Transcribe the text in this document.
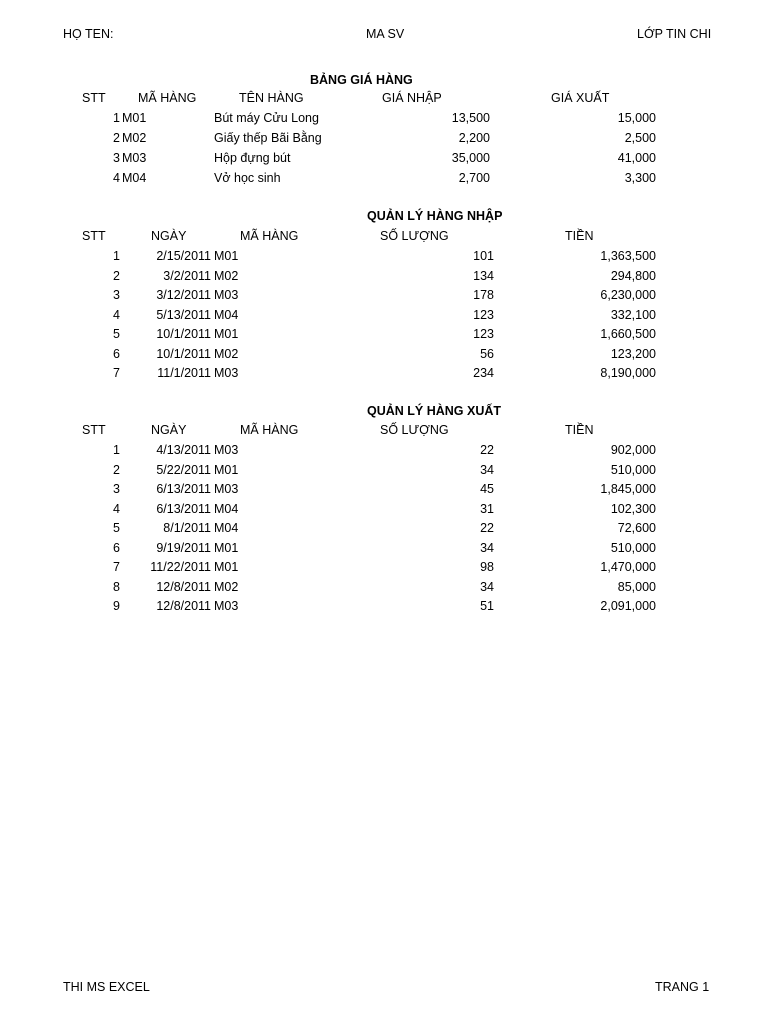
HỌ TEN:	MA SV	LỚP TIN CHI
BẢNG GIÁ HÀNG
STT	MÃ HÀNG	TÊN HÀNG	GIÁ NHẬP	GIÁ XUẤT
1 M01	Bút máy Cửu Long	13,500	15,000
2 M02	Giấy thếp Bãi Bằng	2,200	2,500
3 M03	Hộp đựng bút	35,000	41,000
4 M04	Vở học sinh	2,700	3,300
QUẢN LÝ HÀNG NHẬP
STT	NGÀY	MÃ HÀNG	SỐ LƯỢNG	TIỀN
1	2/15/2011 M01	101	1,363,500
2	3/2/2011 M02	134	294,800
3	3/12/2011 M03	178	6,230,000
4	5/13/2011 M04	123	332,100
5	10/1/2011 M01	123	1,660,500
6	10/1/2011 M02	56	123,200
7	11/1/2011 M03	234	8,190,000
QUẢN LÝ HÀNG XUẤT
STT	NGÀY	MÃ HÀNG	SỐ LƯỢNG	TIỀN
1	4/13/2011 M03	22	902,000
2	5/22/2011 M01	34	510,000
3	6/13/2011 M03	45	1,845,000
4	6/13/2011 M04	31	102,300
5	8/1/2011 M04	22	72,600
6	9/19/2011 M01	34	510,000
7 11/22/2011 M01	98	1,470,000
8	12/8/2011 M02	34	85,000
9	12/8/2011 M03	51	2,091,000
THI MS EXCEL	TRANG 1
